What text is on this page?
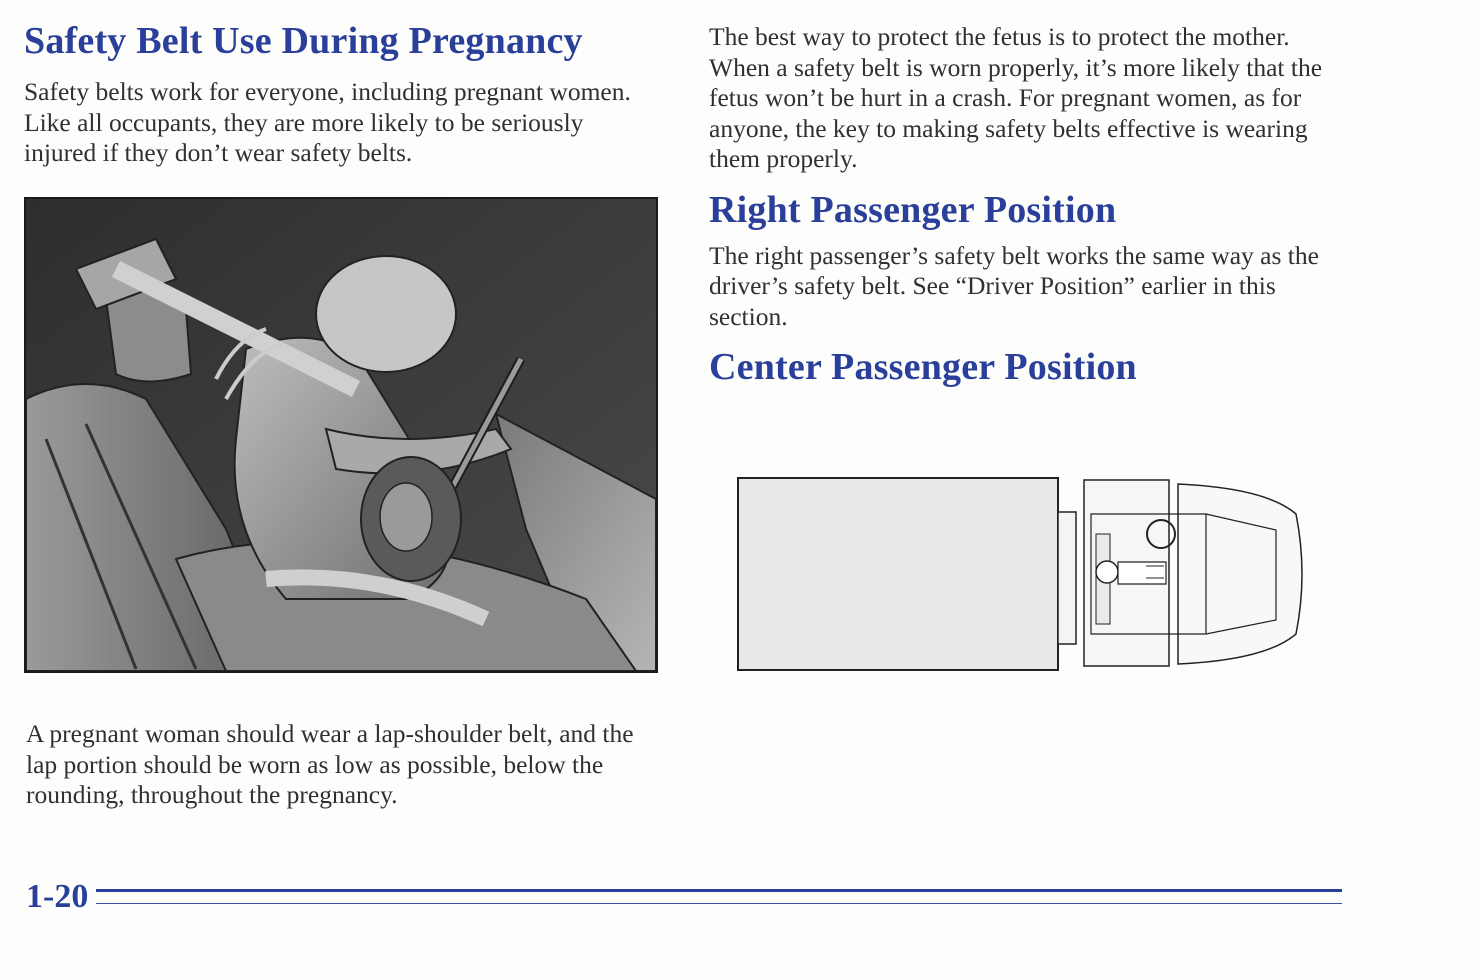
Safety Belt Use During Pregnancy

Safety belts work for everyone, including pregnant women. Like all occupants, they are more likely to be seriously injured if they don’t wear safety belts.

A pregnant woman should wear a lap-shoulder belt, and the lap portion should be worn as low as possible, below the rounding, throughout the pregnancy.

The best way to protect the fetus is to protect the mother. When a safety belt is worn properly, it’s more likely that the fetus won’t be hurt in a crash. For pregnant women, as for anyone, the key to making safety belts effective is wearing them properly.

Right Passenger Position

The right passenger’s safety belt works the same way as the driver’s safety belt. See “Driver Position” earlier in this section.

Center Passenger Position
1-20
